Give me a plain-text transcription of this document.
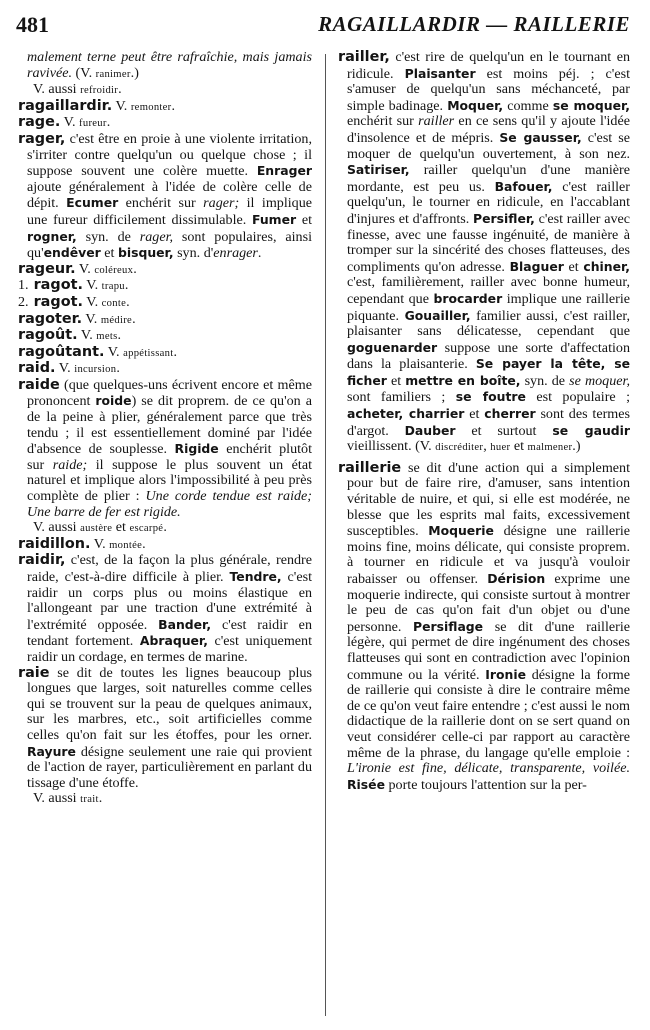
481	RAGAILLARDIR — RAILLERIE

malement terne peut être rafraîchie, mais jamais ravivée. (V. ranimer.)

V. aussi refroidir.

ragaillardir. V. remonter.

rage. V. fureur.

rager, c'est être en proie à une violente irritation, s'irriter contre quelqu'un ou quelque chose ; il suppose souvent une colère muette. Enrager ajoute généralement à l'idée de colère celle de dépit. Ecumer enchérit sur rager; il implique une fureur difficilement dissimulable. Fumer et rogner, syn. de rager, sont populaires, ainsi qu'endêver et bisquer, syn. d'enrager.

rageur. V. coléreux.

1. ragot. V. trapu.

2. ragot. V. conte.

ragoter. V. médire.

ragoût. V. mets.

ragoûtant. V. appétissant.

raid. V. incursion.

raide (que quelques-uns écrivent encore et même prononcent roide) se dit proprem. de ce qu'on a de la peine à plier, généralement parce que très tendu ; il est essentiellement dominé par l'idée d'absence de souplesse. Rigide enchérit plutôt sur raide; il suppose le plus souvent un état naturel et implique alors l'impossibilité à peu près complète de plier : Une corde tendue est raide; Une barre de fer est rigide.

V. aussi austère et escarpé.

raidillon. V. montée.

raidir, c'est, de la façon la plus générale, rendre raide, c'est-à-dire difficile à plier. Tendre, c'est raidir un corps plus ou moins élastique en l'allongeant par une traction d'une extrémité à l'extrémité opposée. Bander, c'est raidir en tendant fortement. Abraquer, c'est uniquement raidir un cordage, en termes de marine.

raie se dit de toutes les lignes beaucoup plus longues que larges, soit naturelles comme celles qui se trouvent sur la peau de quelques animaux, sur les marbres, etc., soit artificielles comme celles qu'on fait sur les étoffes, pour les orner. Rayure désigne seulement une raie qui provient de l'action de rayer, particulièrement en parlant du tissage d'une étoffe.

V. aussi trait.

railler, c'est rire de quelqu'un en le tournant en ridicule. Plaisanter est moins péj. ; c'est s'amuser de quelqu'un sans méchanceté, par simple badinage. Moquer, comme se moquer, enchérit sur railler en ce sens qu'il y ajoute l'idée d'insolence et de mépris. Se gausser, c'est se moquer de quelqu'un ouvertement, à son nez. Satiriser, railler quelqu'un d'une manière mordante, est peu us. Bafouer, c'est railler quelqu'un, le tourner en ridicule, en l'accablant d'injures et d'affronts. Persifler, c'est railler avec finesse, avec une fausse ingénuité, de manière à tromper sur la sincérité des choses flatteuses, des compliments qu'on adresse. Blaguer et chiner, c'est, familièrement, railler avec bonne humeur, cependant que brocarder implique une raillerie piquante. Gouailler, familier aussi, c'est railler, plaisanter sans délicatesse, cependant que goguenarder suppose une sorte d'affectation dans la plaisanterie. Se payer la tête, se ficher et mettre en boîte, syn. de se moquer, sont familiers ; se foutre est populaire ; acheter, charrier et cherrer sont des termes d'argot. Dauber et surtout se gaudir vieillissent. (V. discréditer, huer et malmener.)

raillerie se dit d'une action qui a simplement pour but de faire rire, d'amuser, sans intention véritable de nuire, et qui, si elle est modérée, ne blesse que les esprits mal faits, excessivement susceptibles. Moquerie désigne une raillerie moins fine, moins délicate, qui consiste proprem. à tourner en ridicule et va jusqu'à vouloir rabaisser ou offenser. Dérision exprime une moquerie indirecte, qui consiste surtout à montrer le peu de cas qu'on fait d'un objet ou d'une personne. Persiflage se dit d'une raillerie légère, qui permet de dire ingénument des choses flatteuses qui sont en contradiction avec l'opinion commune ou la vérité. Ironie désigne la forme de raillerie qui consiste à dire le contraire même de ce qu'on veut faire entendre ; c'est aussi le nom didactique de la raillerie dont on se sert quand on veut considérer celle-ci par rapport au caractère même de la phrase, du langage qu'elle emploie : L'ironie est fine, délicate, transparente, voilée. Risée porte toujours l'attention sur la per-
